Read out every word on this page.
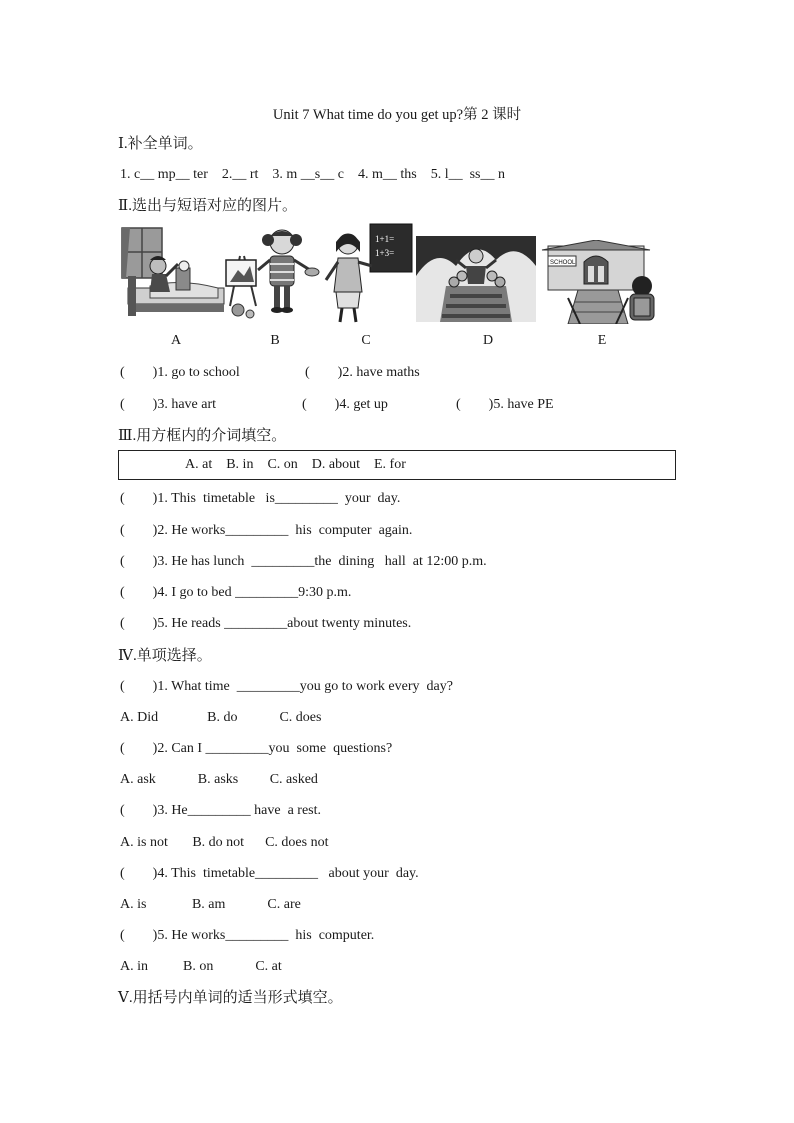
Unit 7 What time do you get up?第 2 课时
Ⅰ.补全单词。
1. c__ mp__ ter    2.__ rt    3. m __s__ c    4. m__ ths    5. l__  ss__ n
Ⅱ.选出与短语对应的图片。
1+1=
1+3=
SCHOOL
A	B	C	D	E
(        )1. go to school	(        )2. have maths
(        )3. have art	(        )4. get up	(        )5. have PE
Ⅲ.用方框内的介词填空。
A. at    B. in    C. on    D. about    E. for
(        )1. This  timetable   is_________  your  day.
(        )2. He works_________  his  computer  again.
(        )3. He has lunch  _________the  dining   hall  at 12:00 p.m.
(        )4. I go to bed _________9:30 p.m.
(        )5. He reads _________about twenty minutes.
Ⅳ.单项选择。
(        )1. What time  _________you go to work every  day?
A. Did              B. do            C. does
(        )2. Can I _________you  some  questions?
A. ask            B. asks         C. asked
(        )3. He_________ have  a rest.
A. is not       B. do not      C. does not
(        )4. This  timetable_________   about your  day.
A. is             B. am            C. are
(        )5. He works_________  his  computer.
A. in          B. on            C. at
Ⅴ.用括号内单词的适当形式填空。
